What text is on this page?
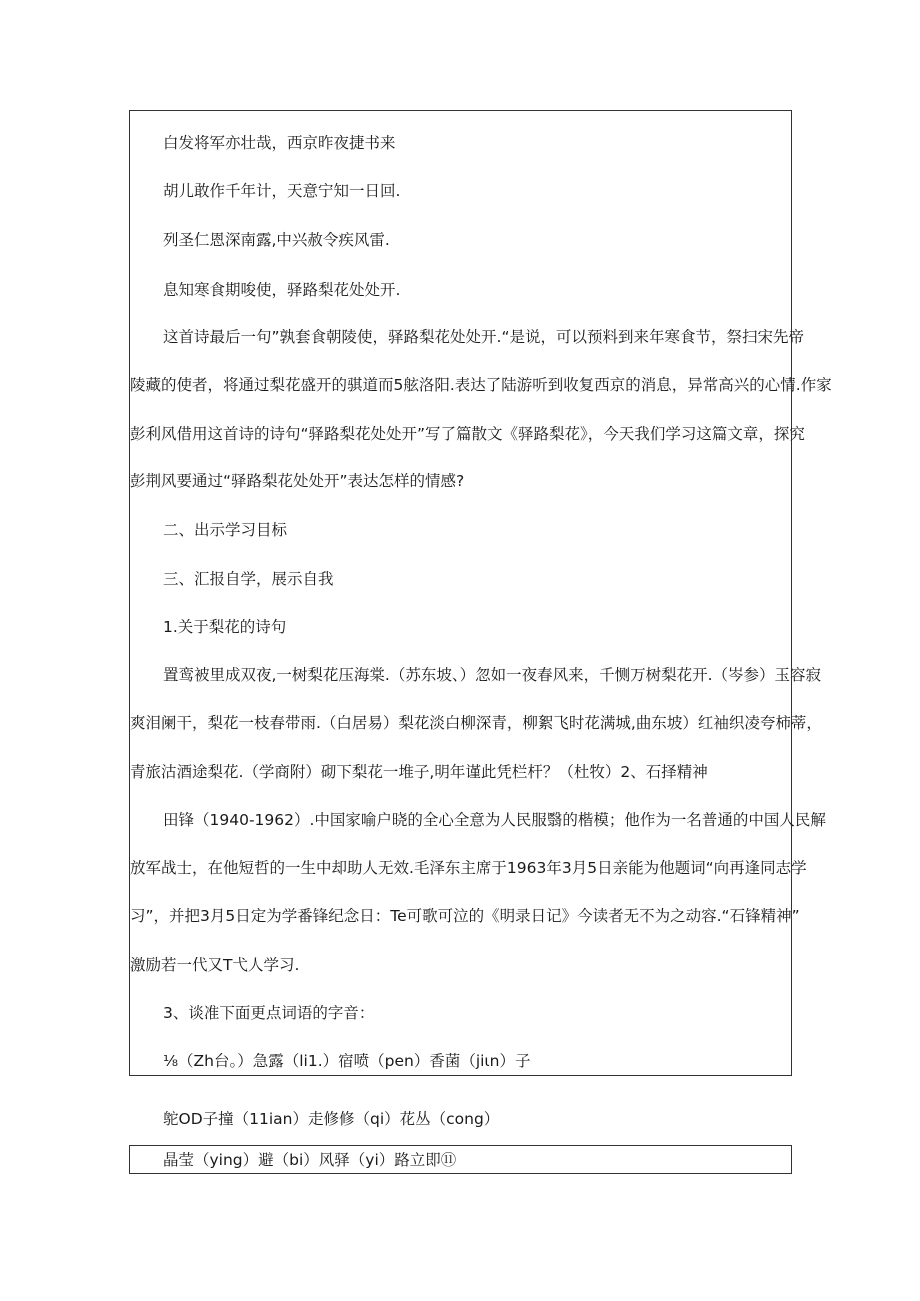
白发将军亦壮哉，西京昨夜捷书来
胡儿敢作千年计，天意宁知一日回.
列圣仁恩深南露,中兴赦令疾风雷.
息知寒食期唆使，驿路梨花处处开.
这首诗最后一句”孰套食朝陵使，驿路梨花处处开.“是说，可以预料到来年寒食节，祭扫宋先帝
陵藏的使者，将通过梨花盛开的骐道而5舷洛阳.表达了陆游听到收复西京的消息，异常高兴的心情.作家
彭利风借用这首诗的诗句“驿路梨花处处开”写了篇散文《驿路梨花》，今天我们学习这篇文章，探究
彭荆风要通过“驿路梨花处处开”表达怎样的情感?
二、出示学习目标
三、汇报自学，展示自我
1.关于梨花的诗句
置鸾被里成双夜,一树梨花压海棠.（苏东坡、）忽如一夜春风来，千恻万树梨花开.（岑参）玉容寂
爽泪阑干，梨花一枝春带雨.（白居易）梨花淡白柳深青，柳絮飞时花满城,曲东坡）红袖织凌夸柿蒂，
青旅沽酒途梨花.（学商附）砌下梨花一堆子,明年谨此凭栏杆？（杜牧）2、石择精神
田锋（1940-1962）.中国家喻户晓的全心全意为人民服翳的楷模；他作为一名普通的中国人民解
放军战士，在他短哲的一生中却助人无效.毛泽东主席于1963年3月5日亲能为他题词“向再逢同志学
习”，并把3月5日定为学番锋纪念日：Te可歌可泣的《明录日记》今读者无不为之动容.“石锋精神”
激励若一代又T弋人学习.
3、谈准下面更点词语的字音：
⅛（Zh台。）急露（li1.）宿喷（pen）香菌（jiιn）子
鸵OD子撞（11ian）走修修（qi）花丛（cong）
晶莹（ying）避（bi）风驿（yi）路立即⑪
